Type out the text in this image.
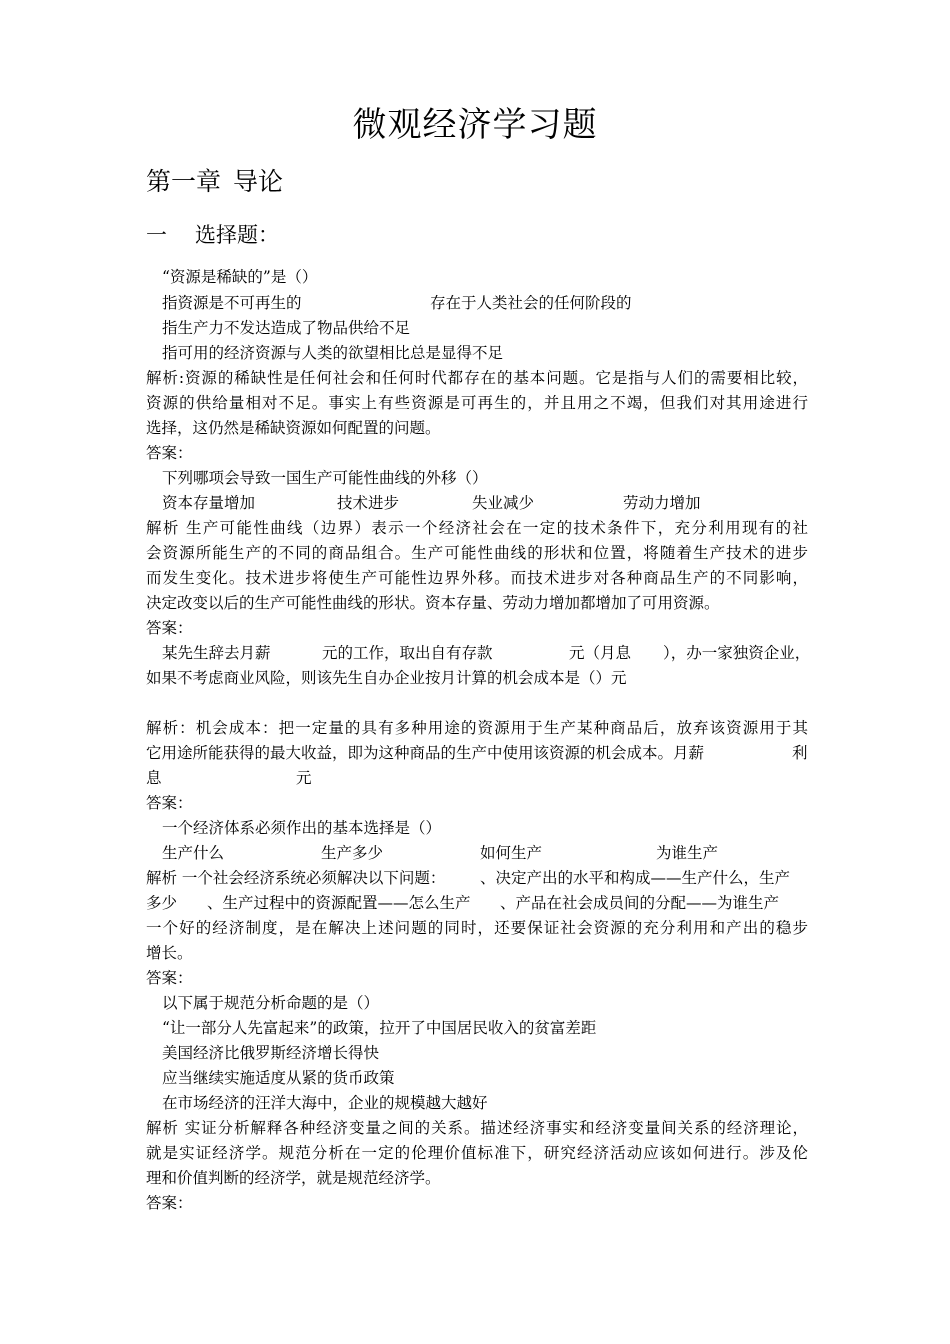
微观经济学习题
第一章 导论
一 选择题：
“资源是稀缺的”是（）
指资源是不可再生的	存在于人类社会的任何阶段的
指生产力不发达造成了物品供给不足
指可用的经济资源与人类的欲望相比总是显得不足
解析:资源的稀缺性是任何社会和任何时代都存在的基本问题。它是指与人们的需要相比较，
资源的供给量相对不足。事实上有些资源是可再生的，并且用之不竭，但我们对其用途进行
选择，这仍然是稀缺资源如何配置的问题。
答案：
下列哪项会导致一国生产可能性曲线的外移（）
资本存量增加	技术进步	失业减少	劳动力增加
解析 生产可能性曲线（边界）表示一个经济社会在一定的技术条件下，充分利用现有的社
会资源所能生产的不同的商品组合。生产可能性曲线的形状和位置，将随着生产技术的进步
而发生变化。技术进步将使生产可能性边界外移。而技术进步对各种商品生产的不同影响，
决定改变以后的生产可能性曲线的形状。资本存量、劳动力增加都增加了可用资源。
答案：
某先生辞去月薪	元的工作，取出自有存款	元（月息 ），办一家独资企业，
如果不考虑商业风险，则该先生自办企业按月计算的机会成本是（）元
解析：机会成本：把一定量的具有多种用途的资源用于生产某种商品后，放弃该资源用于其
它用途所能获得的最大收益，即为这种商品的生产中使用该资源的机会成本。月薪	利
息	元
答案：
一个经济体系必须作出的基本选择是（）
生产什么	生产多少	如何生产	为谁生产
解析 一个社会经济系统必须解决以下问题：	、决定产出的水平和构成——生产什么，生产
多少	、生产过程中的资源配置——怎么生产 、产品在社会成员间的分配——为谁生产
一个好的经济制度，是在解决上述问题的同时，还要保证社会资源的充分利用和产出的稳步
增长。
答案：
以下属于规范分析命题的是（）
“让一部分人先富起来”的政策，拉开了中国居民收入的贫富差距
美国经济比俄罗斯经济增长得快
应当继续实施适度从紧的货币政策
在市场经济的汪洋大海中，企业的规模越大越好
解析 实证分析解释各种经济变量之间的关系。描述经济事实和经济变量间关系的经济理论，
就是实证经济学。规范分析在一定的伦理价值标准下，研究经济活动应该如何进行。涉及伦
理和价值判断的经济学，就是规范经济学。
答案：
